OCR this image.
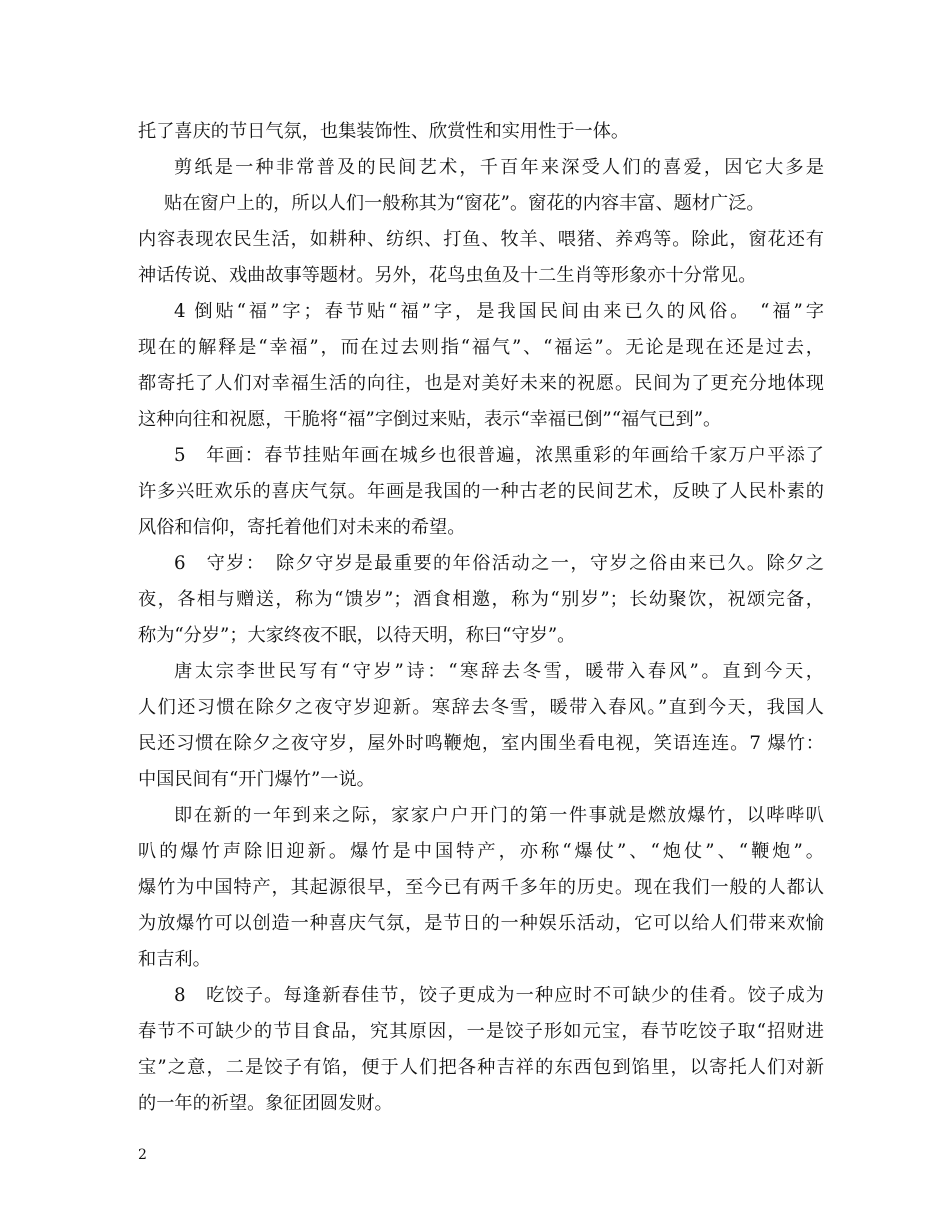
托了喜庆的节日气氛，也集装饰性、欣赏性和实用性于一体。
剪纸是一种非常普及的民间艺术，千百年来深受人们的喜爱，因它大多是
贴在窗户上的，所以人们一般称其为“窗花”。窗花的内容丰富、题材广泛。
内容表现农民生活，如耕种、纺织、打鱼、牧羊、喂猪、养鸡等。除此，窗花还有
神话传说、戏曲故事等题材。另外，花鸟虫鱼及十二生肖等形象亦十分常见。
4 倒贴“福”字；春节贴“福”字，是我国民间由来已久的风俗。 “福”字
现在的解释是“幸福”，而在过去则指“福气”、“福运”。无论是现在还是过去，
都寄托了人们对幸福生活的向往，也是对美好未来的祝愿。民间为了更充分地体现
这种向往和祝愿，干脆将“福”字倒过来贴，表示“幸福已倒”“福气已到”。
5　年画：春节挂贴年画在城乡也很普遍，浓黑重彩的年画给千家万户平添了
许多兴旺欢乐的喜庆气氛。年画是我国的一种古老的民间艺术，反映了人民朴素的
风俗和信仰，寄托着他们对未来的希望。
6　守岁：　除夕守岁是最重要的年俗活动之一，守岁之俗由来已久。除夕之
夜，各相与赠送，称为“馈岁”；酒食相邀，称为“别岁”；长幼聚饮，祝颂完备，
称为“分岁”；大家终夜不眠，以待天明，称曰“守岁”。
唐太宗李世民写有“守岁”诗：“寒辞去冬雪，暖带入春风”。直到今天，
人们还习惯在除夕之夜守岁迎新。寒辞去冬雪，暖带入春风。”直到今天，我国人
民还习惯在除夕之夜守岁，屋外时鸣鞭炮，室内围坐看电视，笑语连连。7 爆竹：
中国民间有“开门爆竹”一说。
即在新的一年到来之际，家家户户开门的第一件事就是燃放爆竹，以哔哔叭
叭的爆竹声除旧迎新。爆竹是中国特产，亦称“爆仗”、“炮仗”、“鞭炮”。
爆竹为中国特产，其起源很早，至今已有两千多年的历史。现在我们一般的人都认
为放爆竹可以创造一种喜庆气氛，是节日的一种娱乐活动，它可以给人们带来欢愉
和吉利。
8　吃饺子。每逢新春佳节，饺子更成为一种应时不可缺少的佳肴。饺子成为
春节不可缺少的节目食品，究其原因，一是饺子形如元宝，春节吃饺子取“招财进
宝”之意，二是饺子有馅，便于人们把各种吉祥的东西包到馅里，以寄托人们对新
的一年的祈望。象征团圆发财。
2
